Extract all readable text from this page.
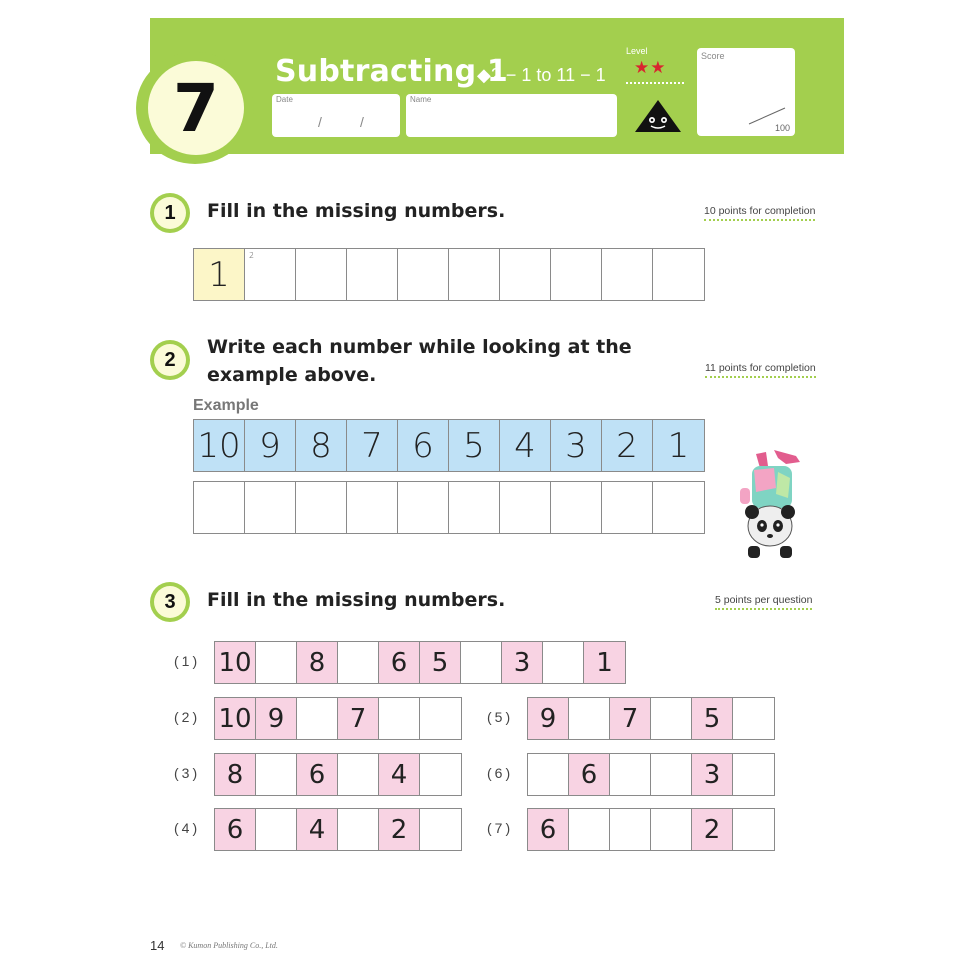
7	Subtracting 1
◆2 − 1 to 11 − 1
Date
/	/
Name
Level
★★
Score
100
1	Fill in the missing numbers.	10 points for completion
1	2
2
Write each number while looking at the
example above.	11 points for completion
Example
10 9 8 7 6 5 4 3 2 1
3	Fill in the missing numbers.	5 points per question
(1) 10	8	6 5	3	1
(2) 10 9	7
(3)	8	6	4
(4)	6	4	2
(5)	9	7	5
(6)	6	3
(7)	6	2
14 © Kumon Publishing Co., Ltd.
